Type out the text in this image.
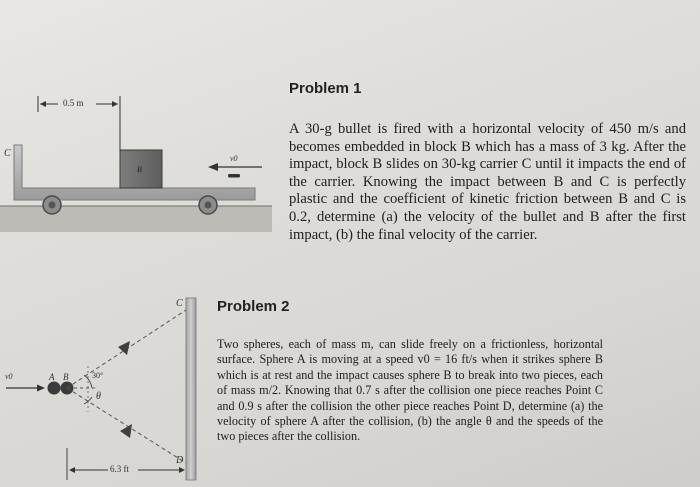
0.5 m
C
B
v0
Problem 1
A 30-g bullet is fired with a horizontal velocity of 450 m/s and becomes embedded in block B which has a mass of 3 kg. After the impact, block B slides on 30-kg carrier C until it impacts the end of the carrier. Knowing the impact between B and C is perfectly plastic and the coefficient of kinetic friction between B and C is 0.2, determine (a) the velocity of the bullet and B after the first impact, (b) the final velocity of the carrier.
v0	A B	30°
θ
C
D
6.3 ft
Problem 2
Two spheres, each of mass m, can slide freely on a frictionless, horizontal surface. Sphere A is moving at a speed v0 = 16 ft/s when it strikes sphere B which is at rest and the impact causes sphere B to break into two pieces, each of mass m/2. Knowing that 0.7 s after the collision one piece reaches Point C and 0.9 s after the collision the other piece reaches Point D, determine (a) the velocity of sphere A after the collision, (b) the angle θ and the speeds of the two pieces after the collision.
